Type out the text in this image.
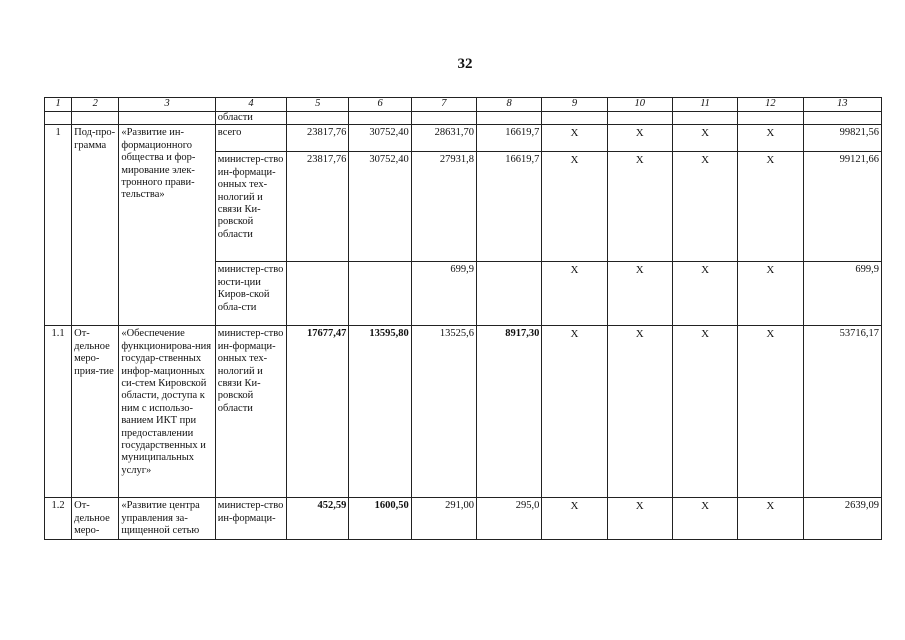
32
1	2	3	4	5	6	7	8	9	10	11	12	13
			области									
1	Под-про-грамма	«Развитие ин-формационного общества и фор-мирование элек-тронного прави-тельства»	всего	23817,76	30752,40	28631,70	16619,7	X	X	X	X	99821,56
			министер-ство ин-формаци-онных тех-нологий и связи Ки-ровской области	23817,76	30752,40	27931,8	16619,7	X	X	X	X	99121,66
			министер-ство юсти-ции Киров-ской обла-сти			699,9		X	X	X	X	699,9
1.1	От-дельное меро-прия-тие	«Обеспечение функционирова-ния государ-ственных инфор-мационных си-стем Кировской области, доступа к ним с использо-ванием ИКТ при предоставлении государственных и муниципальных услуг»	министер-ство ин-формаци-онных тех-нологий и связи Ки-ровской области	17677,47	13595,80	13525,6	8917,30	X	X	X	X	53716,17
1.2	От-дельное меро-	«Развитие центра управления за-щищенной сетью	министер-ство ин-формаци-	452,59	1600,50	291,00	295,0	X	X	X	X	2639,09
